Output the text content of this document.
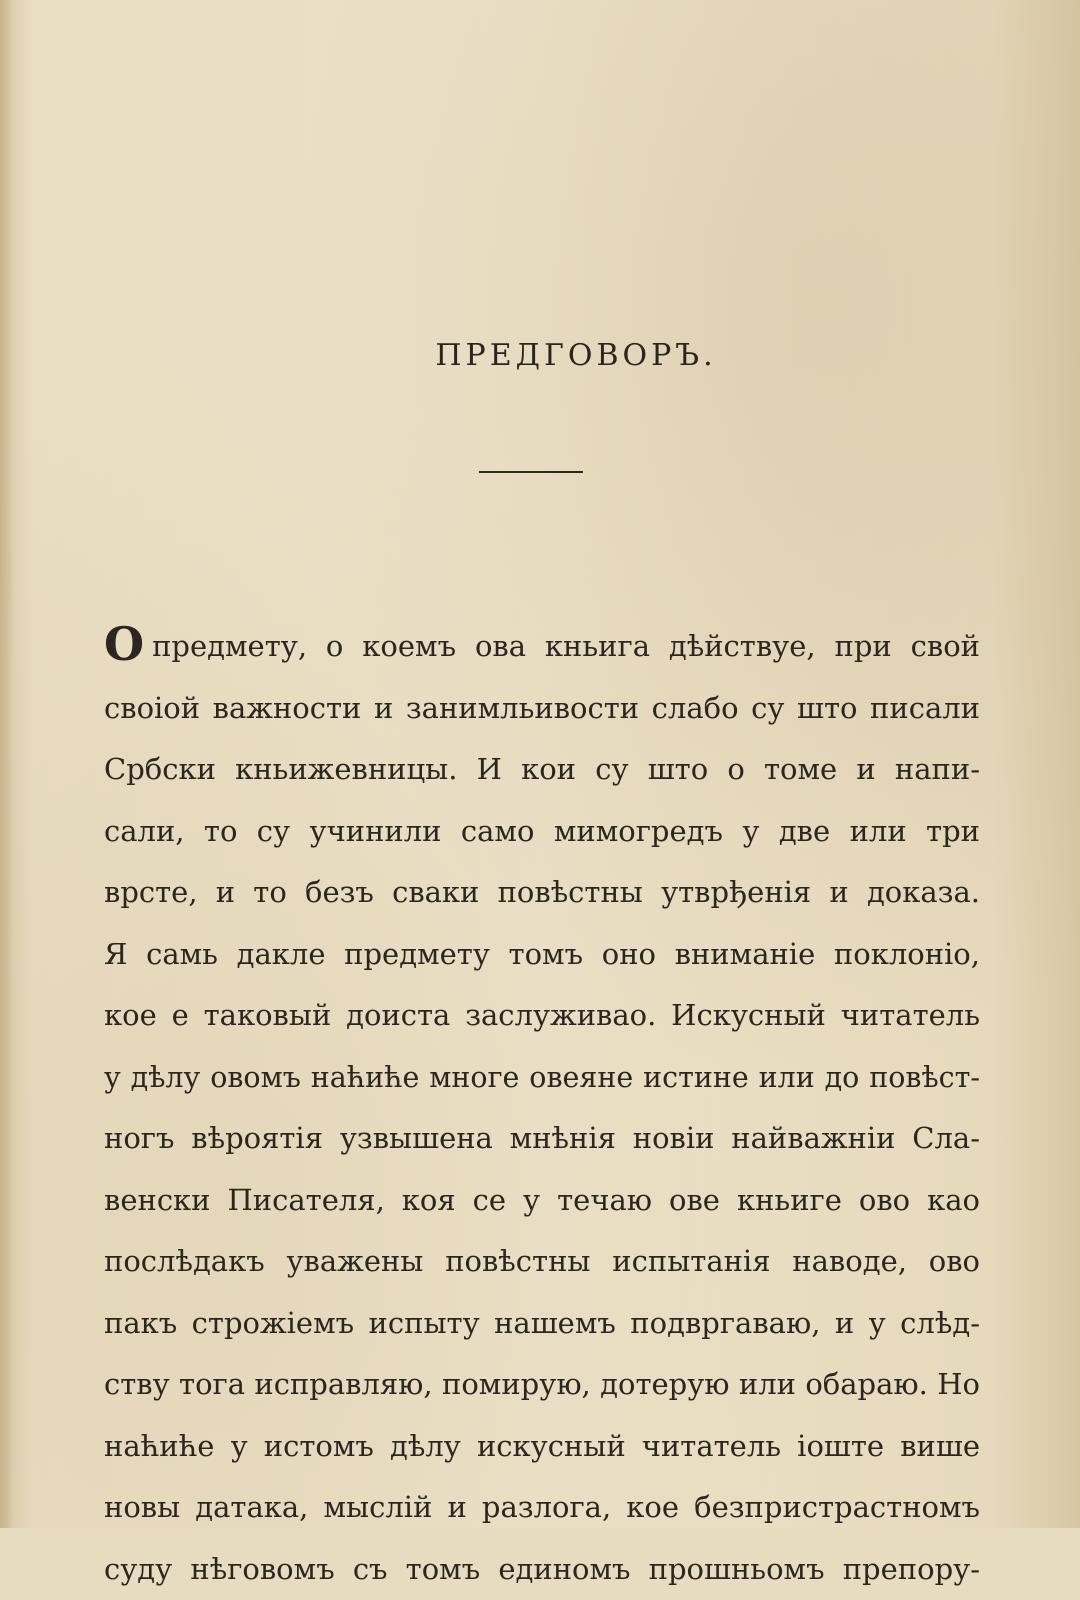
ПРЕДГОВОРЪ.
Опредмету, о коемъ ова кньига дѣйствуе, при свой
своіой важности и занимльивости слабо су што писали
Србски кньижевницы. И кои су што о томе и напи-
сали, то су учинили само мимогредъ у две или три
врсте, и то безъ сваки повѣстны утврђенія и доказа.
Я самь дакле предмету томъ оно вниманіе поклоніо,
кое е таковый доиста заслуживао. Искусный читатель
у дѣлу овомъ наћиће многе овеяне истине или до повѣст-
ногъ вѣроятія узвышена мнѣнія новіи найважніи Сла-
венски Писателя, коя се у течаю ове кньиге ово као
послѣдакъ уважены повѣстны испытанія наводе, ово
пакъ строжіемъ испыту нашемъ подвргаваю, и у слѣд-
ству тога исправляю, помирую, дотерую или обараю. Но
наћиће у истомъ дѣлу искусный читатель іоште више
новы датака, мыслій и разлога, кое безпристрастномъ
суду нѣговомъ съ томъ единомъ прошньомъ препору-
